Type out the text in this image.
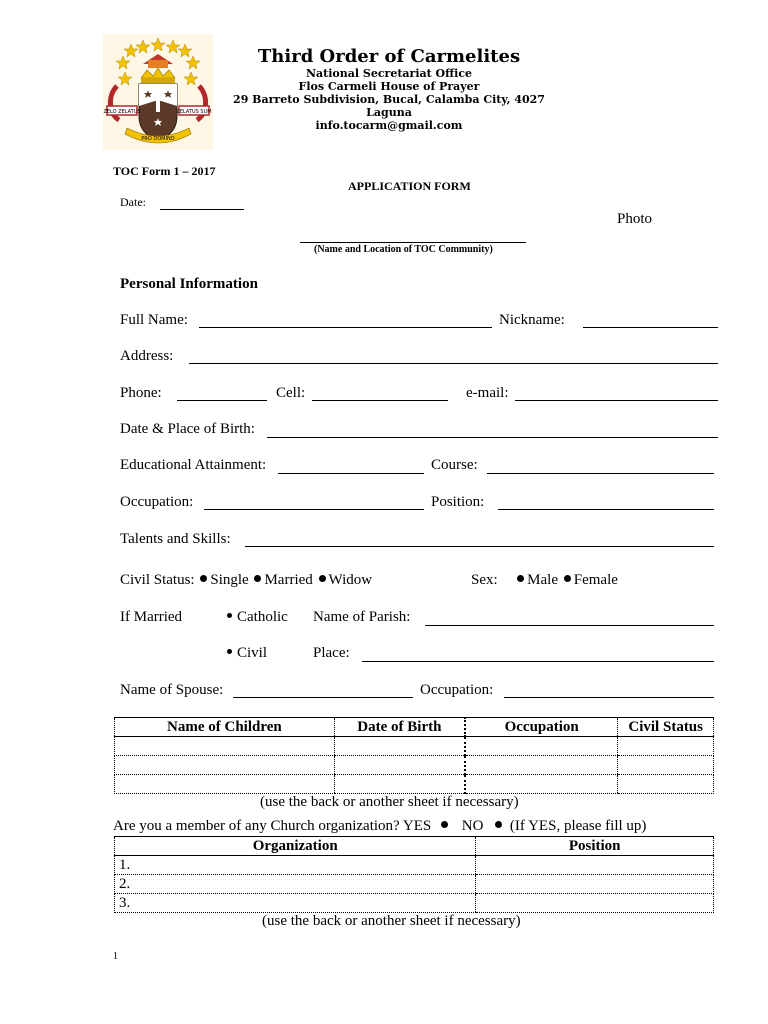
ZELO ZELATUS	ZELATUS SUM
PRO DOMINO
Third Order of Carmelites
National Secretariat Office
Flos Carmeli House of Prayer
29 Barreto Subdivision, Bucal, Calamba City, 4027 Laguna
info.tocarm@gmail.com
TOC Form 1 – 2017
APPLICATION FORM
Date:
Photo
(Name and Location of TOC Community)
Personal Information
Full Name:	Nickname:
Address:
Phone:	Cell:	e-mail:
Date & Place of Birth:
Educational Attainment:	Course:
Occupation:	Position:
Talents and Skills:
Civil Status: Single Married Widow	Sex: Male Female
If Married	Catholic Name of Parish:
Civil	Place:
Name of Spouse:	Occupation:
Name of Children	Date of Birth	Occupation	Civil Status

(use the back or another sheet if necessary)
Are you a member of any Church organization? YES NO (If YES, please fill up)
Organization	Position
1.	
2.	
3.	
(use the back or another sheet if necessary)
1
